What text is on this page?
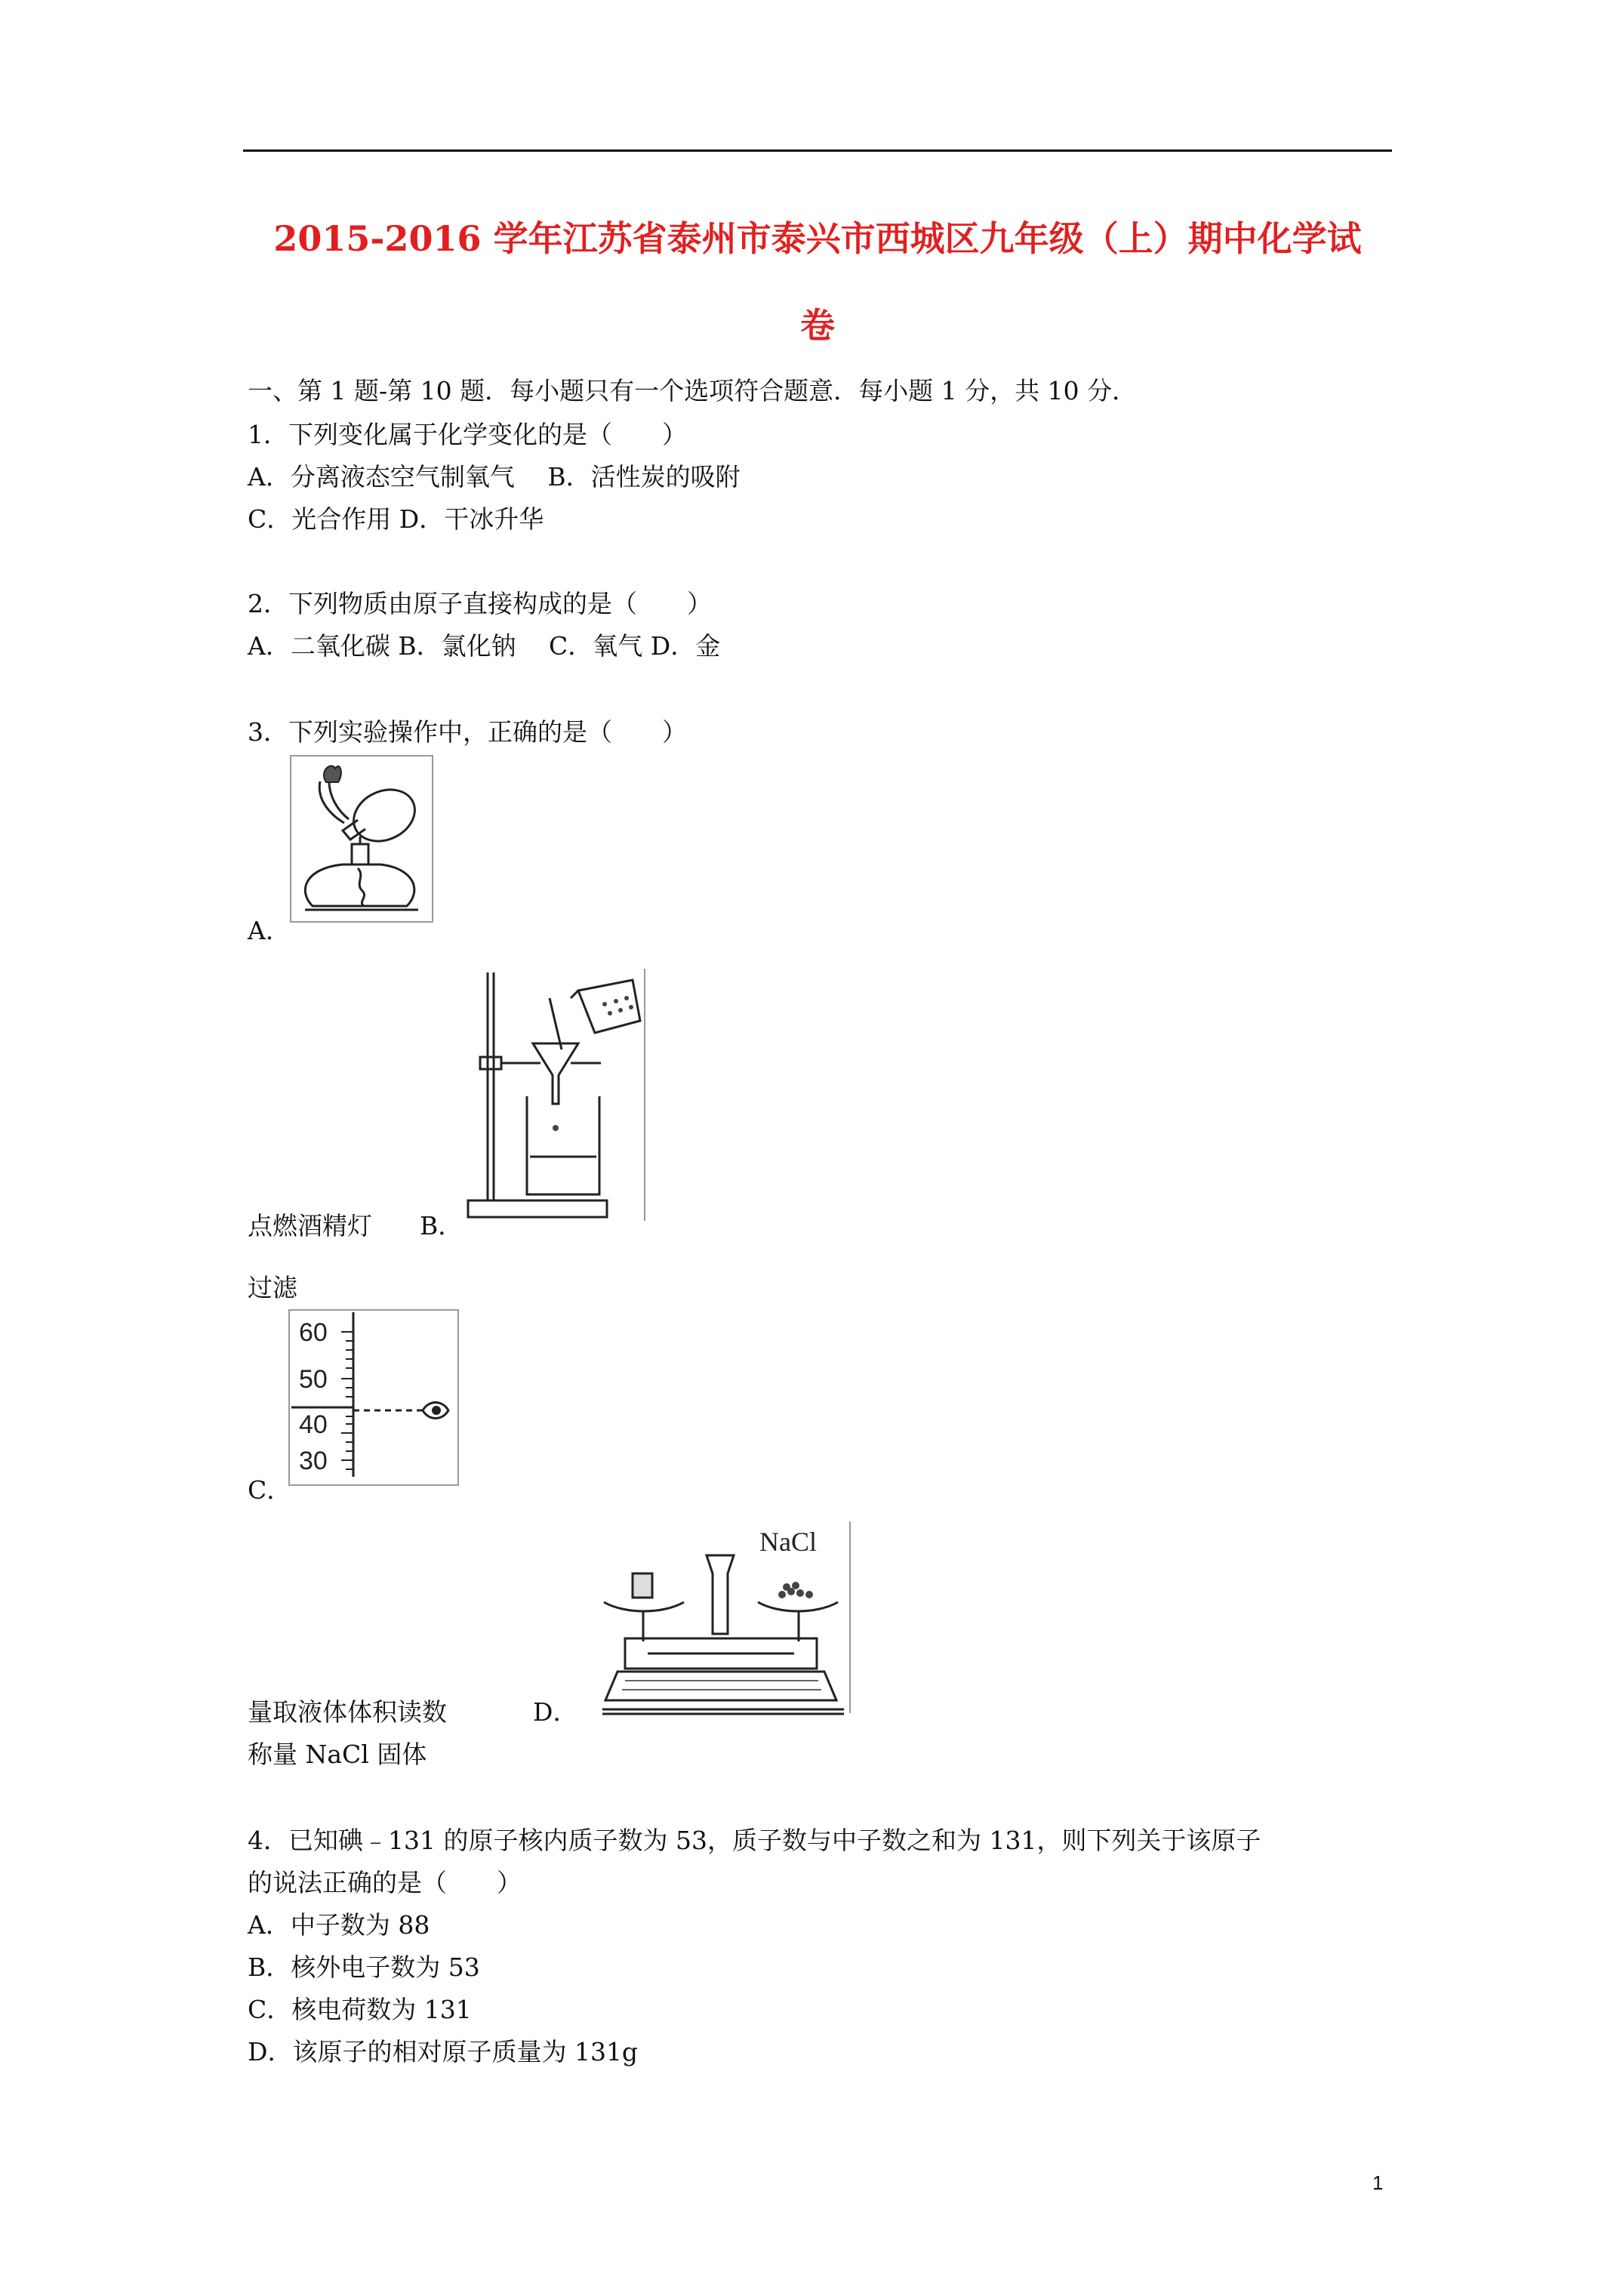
2015-2016 学年江苏省泰州市泰兴市西城区九年级（上）期中化学试
卷
一、第 1 题-第 10 题．每小题只有一个选项符合题意．每小题 1 分，共 10 分．
1．下列变化属于化学变化的是（　　）
A．分离液态空气制氧气　 B．活性炭的吸附
C．光合作用 D．干冰升华
2．下列物质由原子直接构成的是（　　）
A．二氧化碳 B．氯化钠　 C．氧气 D．金
3．下列实验操作中，正确的是（　　）
A．
点燃酒精灯 B．
过滤
60
50
40
30
C．
NaCl
量取液体体积读数	D．
称量 NaCl 固体
4．已知碘﹣131 的原子核内质子数为 53，质子数与中子数之和为 131，则下列关于该原子
的说法正确的是（　　）
A．中子数为 88
B．核外电子数为 53
C．核电荷数为 131
D．该原子的相对原子质量为 131g
1
